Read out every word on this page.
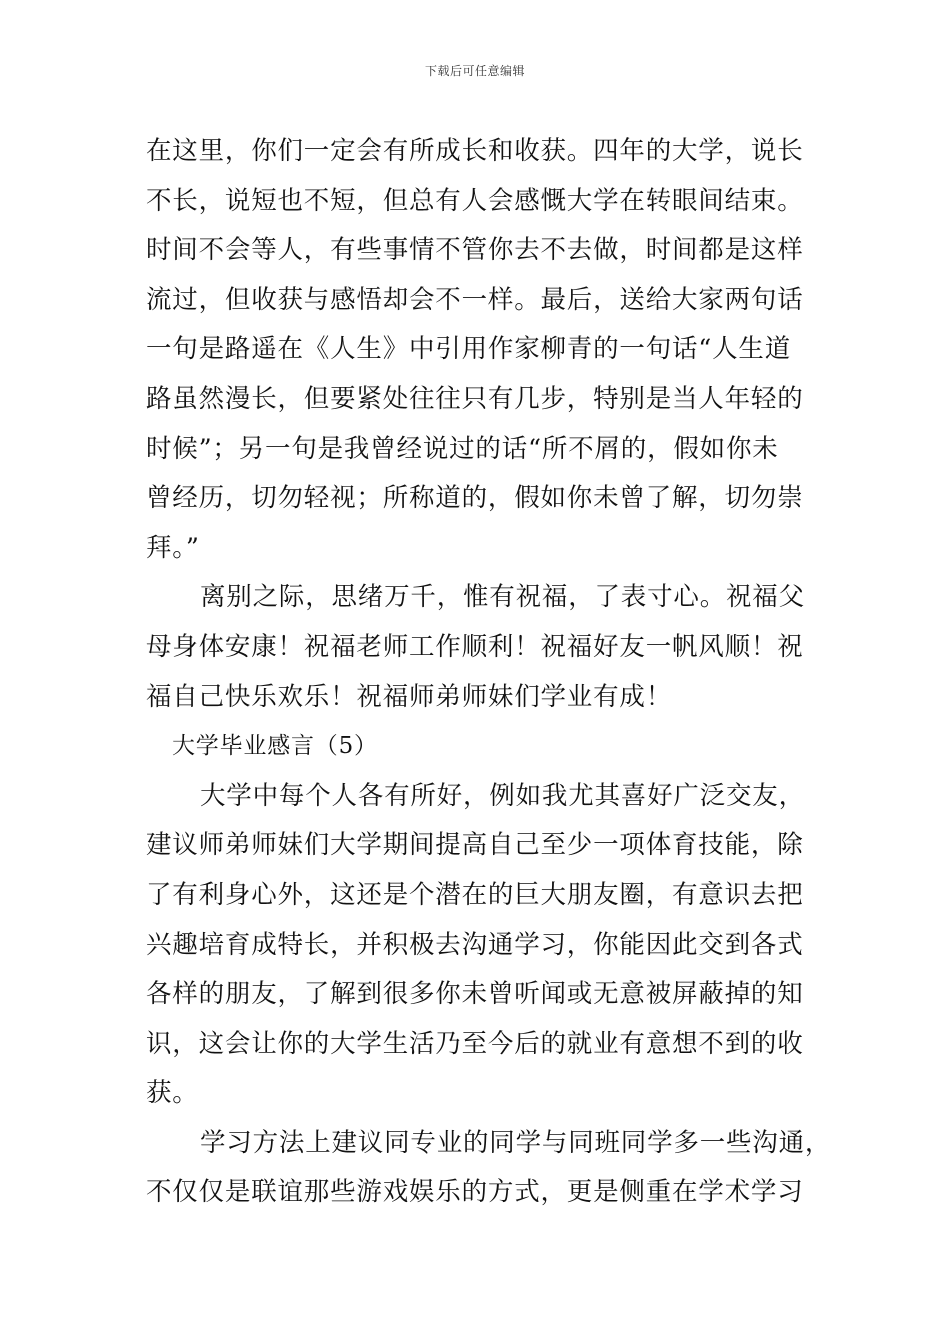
下载后可任意编辑
在这里，你们一定会有所成长和收获。四年的大学，说长
不长，说短也不短，但总有人会感慨大学在转眼间结束。
时间不会等人，有些事情不管你去不去做，时间都是这样
流过，但收获与感悟却会不一样。最后，送给大家两句话
一句是路遥在《人生》中引用作家柳青的一句话“人生道
路虽然漫长，但要紧处往往只有几步，特别是当人年轻的
时候”；另一句是我曾经说过的话“所不屑的，假如你未
曾经历，切勿轻视；所称道的，假如你未曾了解，切勿崇
拜。”
离别之际，思绪万千，惟有祝福，了表寸心。祝福父
母身体安康！祝福老师工作顺利！祝福好友一帆风顺！祝
福自己快乐欢乐！祝福师弟师妹们学业有成！
大学毕业感言（5）
大学中每个人各有所好，例如我尤其喜好广泛交友，
建议师弟师妹们大学期间提高自己至少一项体育技能，除
了有利身心外，这还是个潜在的巨大朋友圈，有意识去把
兴趣培育成特长，并积极去沟通学习，你能因此交到各式
各样的朋友，了解到很多你未曾听闻或无意被屏蔽掉的知
识，这会让你的大学生活乃至今后的就业有意想不到的收
获。
学习方法上建议同专业的同学与同班同学多一些沟通，
不仅仅是联谊那些游戏娱乐的方式，更是侧重在学术学习
